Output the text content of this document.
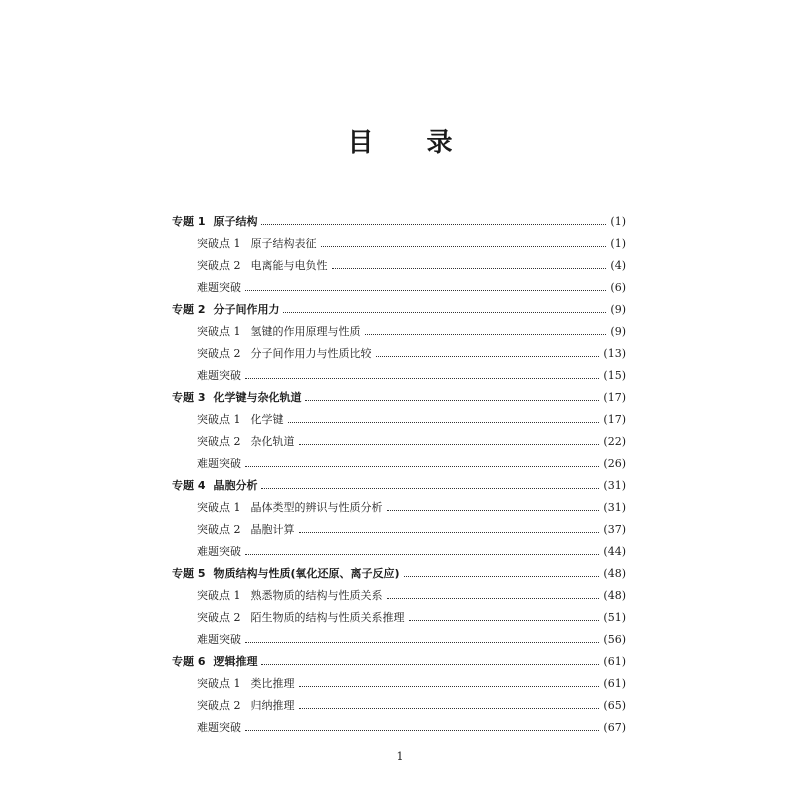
目 录
专题 1 原子结构	(1)
突破点 1 原子结构表征	(1)
突破点 2 电离能与电负性	(4)
难题突破	(6)
专题 2 分子间作用力	(9)
突破点 1 氢键的作用原理与性质	(9)
突破点 2 分子间作用力与性质比较	(13)
难题突破	(15)
专题 3 化学键与杂化轨道	(17)
突破点 1 化学键	(17)
突破点 2 杂化轨道	(22)
难题突破	(26)
专题 4 晶胞分析	(31)
突破点 1 晶体类型的辨识与性质分析	(31)
突破点 2 晶胞计算	(37)
难题突破	(44)
专题 5 物质结构与性质(氧化还原、离子反应)	(48)
突破点 1 熟悉物质的结构与性质关系	(48)
突破点 2 陌生物质的结构与性质关系推理	(51)
难题突破	(56)
专题 6 逻辑推理	(61)
突破点 1 类比推理	(61)
突破点 2 归纳推理	(65)
难题突破	(67)
1
